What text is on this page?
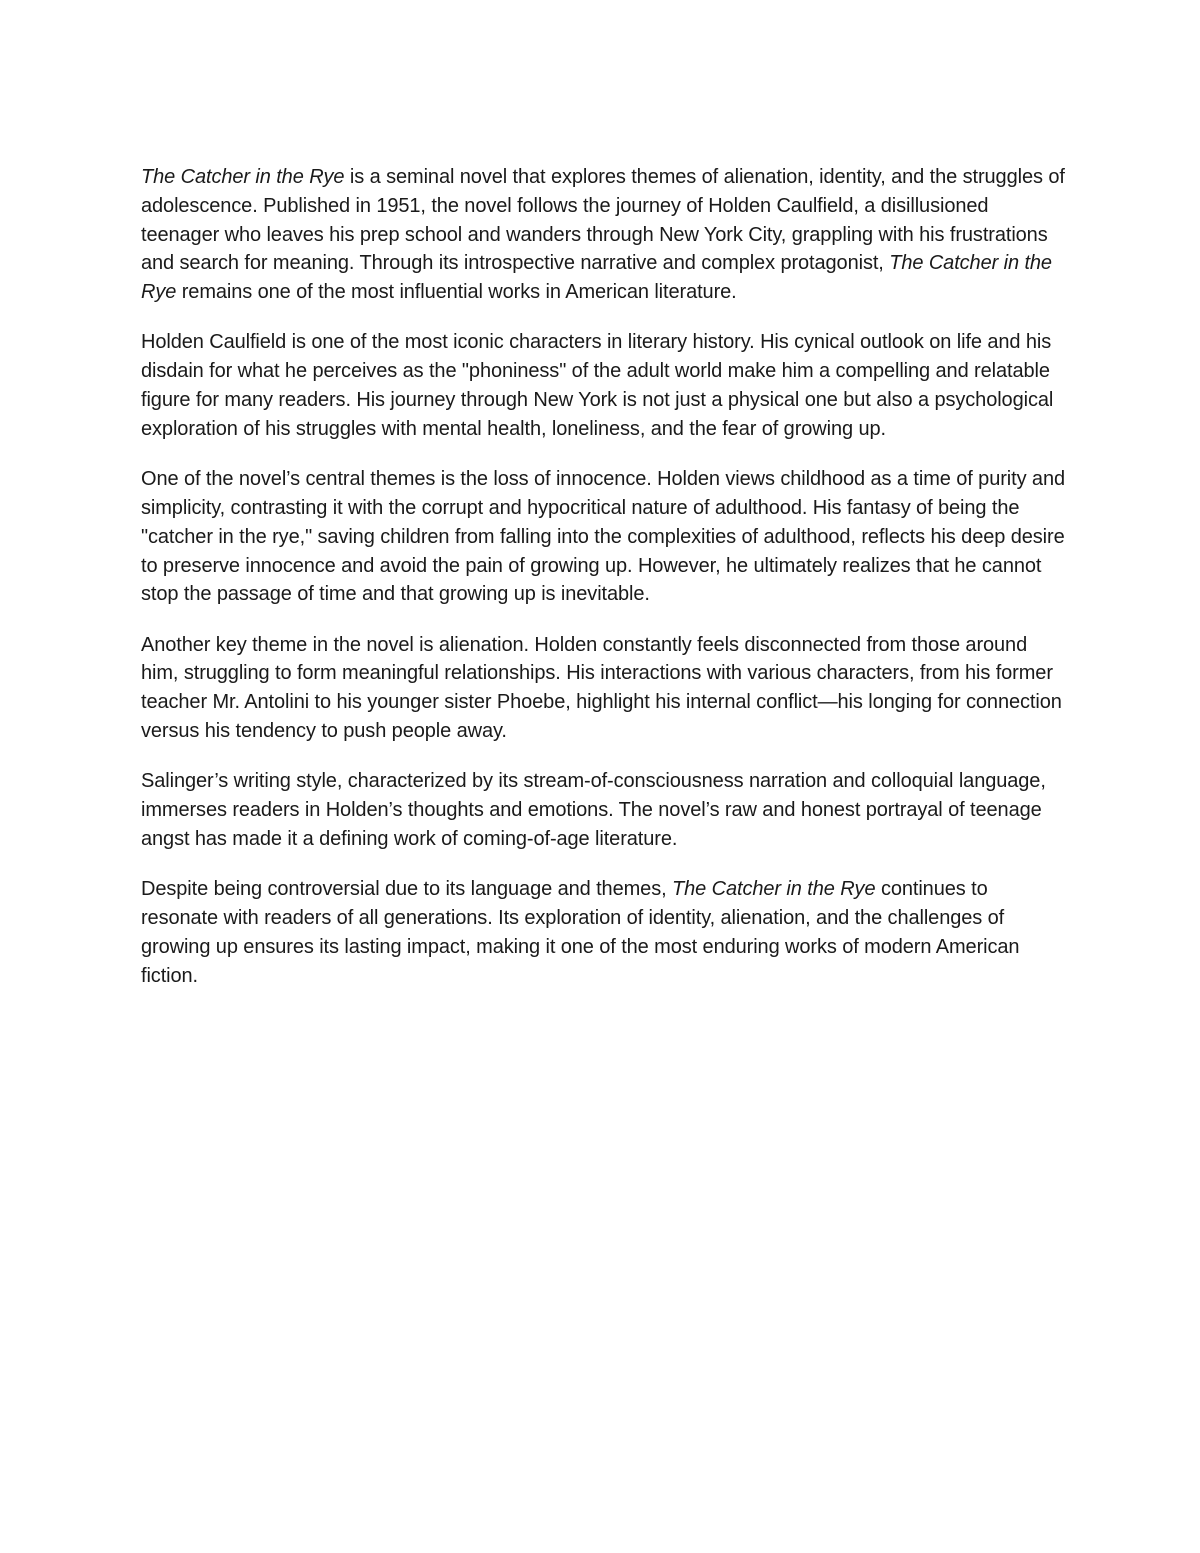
The Catcher in the Rye is a seminal novel that explores themes of alienation, identity, and the struggles of adolescence. Published in 1951, the novel follows the journey of Holden Caulfield, a disillusioned teenager who leaves his prep school and wanders through New York City, grappling with his frustrations and search for meaning. Through its introspective narrative and complex protagonist, The Catcher in the Rye remains one of the most influential works in American literature.

Holden Caulfield is one of the most iconic characters in literary history. His cynical outlook on life and his disdain for what he perceives as the "phoniness" of the adult world make him a compelling and relatable figure for many readers. His journey through New York is not just a physical one but also a psychological exploration of his struggles with mental health, loneliness, and the fear of growing up.

One of the novel’s central themes is the loss of innocence. Holden views childhood as a time of purity and simplicity, contrasting it with the corrupt and hypocritical nature of adulthood. His fantasy of being the "catcher in the rye," saving children from falling into the complexities of adulthood, reflects his deep desire to preserve innocence and avoid the pain of growing up. However, he ultimately realizes that he cannot stop the passage of time and that growing up is inevitable.

Another key theme in the novel is alienation. Holden constantly feels disconnected from those around him, struggling to form meaningful relationships. His interactions with various characters, from his former teacher Mr. Antolini to his younger sister Phoebe, highlight his internal conflict—his longing for connection versus his tendency to push people away.

Salinger’s writing style, characterized by its stream-of-consciousness narration and colloquial language, immerses readers in Holden’s thoughts and emotions. The novel’s raw and honest portrayal of teenage angst has made it a defining work of coming-of-age literature.

Despite being controversial due to its language and themes, The Catcher in the Rye continues to resonate with readers of all generations. Its exploration of identity, alienation, and the challenges of growing up ensures its lasting impact, making it one of the most enduring works of modern American fiction.
